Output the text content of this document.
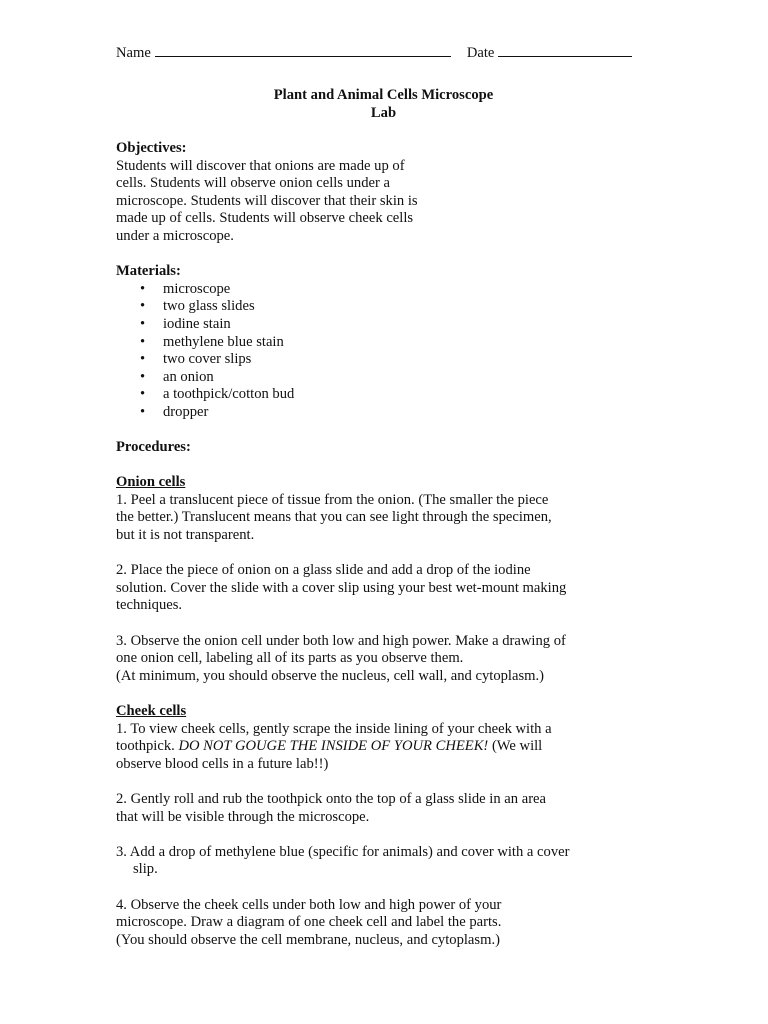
Name	Date
Plant and Animal Cells Microscope
Lab
Objectives:
Students will discover that onions are made up of
cells. Students will observe onion cells under a
microscope. Students will discover that their skin is
made up of cells. Students will observe cheek cells
under a microscope.
Materials:
• microscope
• two glass slides
• iodine stain
• methylene blue stain
• two cover slips
• an onion
• a toothpick/cotton bud
• dropper
Procedures:
Onion cells
1. Peel a translucent piece of tissue from the onion. (The smaller the piece
the better.) Translucent means that you can see light through the specimen,
but it is not transparent.
2. Place the piece of onion on a glass slide and add a drop of the iodine
solution. Cover the slide with a cover slip using your best wet-mount making
techniques.
3. Observe the onion cell under both low and high power. Make a drawing of
one onion cell, labeling all of its parts as you observe them.
(At minimum, you should observe the nucleus, cell wall, and cytoplasm.)
Cheek cells
1. To view cheek cells, gently scrape the inside lining of your cheek with a
toothpick. DO NOT GOUGE THE INSIDE OF YOUR CHEEK! (We will
observe blood cells in a future lab!!)
2. Gently roll and rub the toothpick onto the top of a glass slide in an area
that will be visible through the microscope.
3. Add a drop of methylene blue (specific for animals) and cover with a cover
slip.
4. Observe the cheek cells under both low and high power of your
microscope. Draw a diagram of one cheek cell and label the parts.
(You should observe the cell membrane, nucleus, and cytoplasm.)
